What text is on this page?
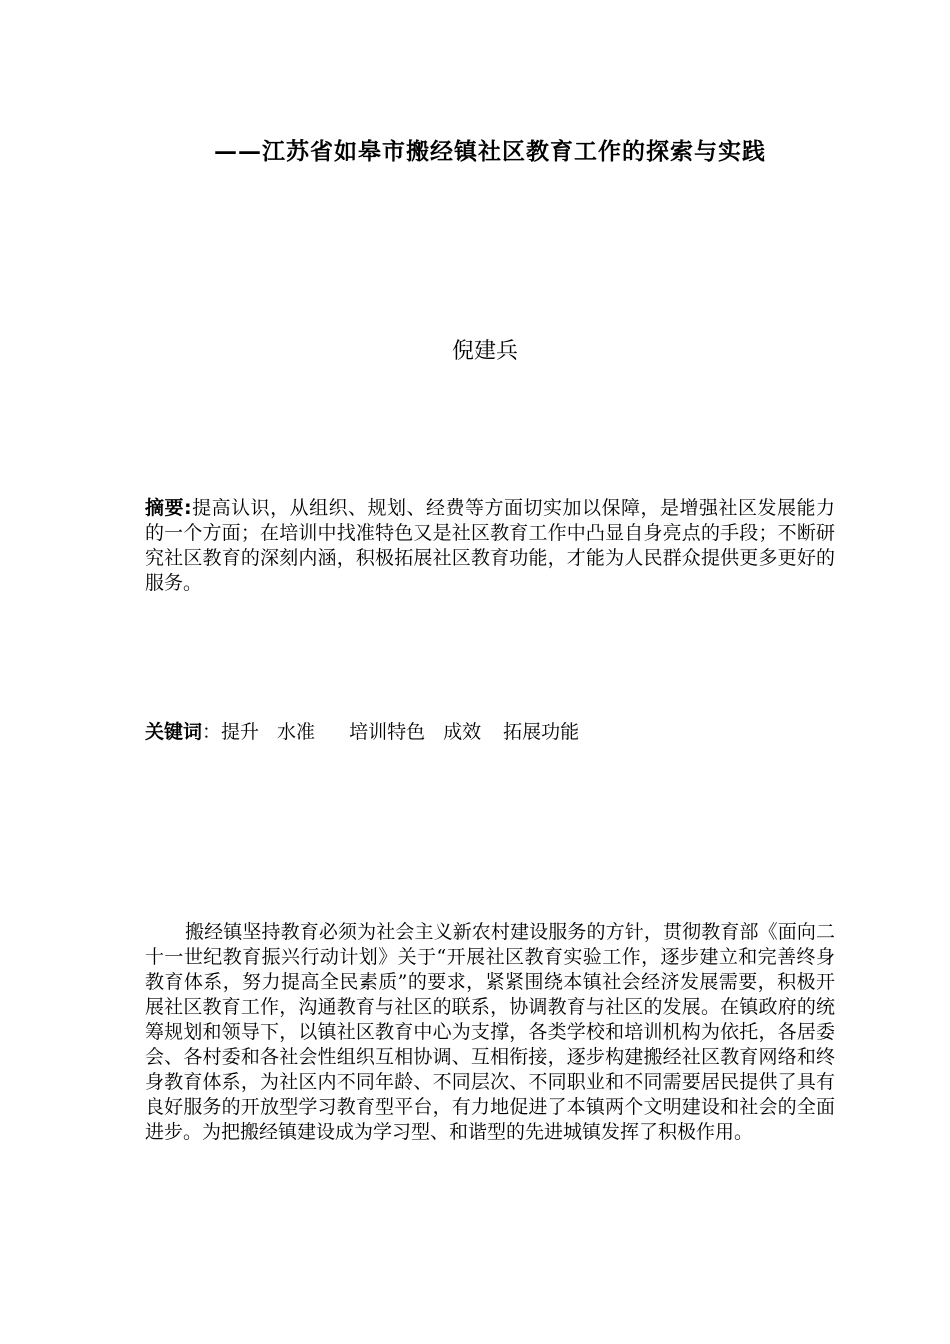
——江苏省如皋市搬经镇社区教育工作的探索与实践
倪建兵
摘要:提高认识，从组织、规划、经费等方面切实加以保障，是增强社区发展能力的一个方面；在培训中找准特色又是社区教育工作中凸显自身亮点的手段；不断研究社区教育的深刻内涵，积极拓展社区教育功能，才能为人民群众提供更多更好的服务。
关键词：提升 水准 培训特色 成效 拓展功能
搬经镇坚持教育必须为社会主义新农村建设服务的方针，贯彻教育部《面向二十一世纪教育振兴行动计划》关于“开展社区教育实验工作，逐步建立和完善终身教育体系，努力提高全民素质”的要求，紧紧围绕本镇社会经济发展需要，积极开展社区教育工作，沟通教育与社区的联系，协调教育与社区的发展。在镇政府的统筹规划和领导下，以镇社区教育中心为支撑，各类学校和培训机构为依托，各居委会、各村委和各社会性组织互相协调、互相衔接，逐步构建搬经社区教育网络和终身教育体系，为社区内不同年龄、不同层次、不同职业和不同需要居民提供了具有良好服务的开放型学习教育型平台，有力地促进了本镇两个文明建设和社会的全面进步。为把搬经镇建设成为学习型、和谐型的先进城镇发挥了积极作用。
